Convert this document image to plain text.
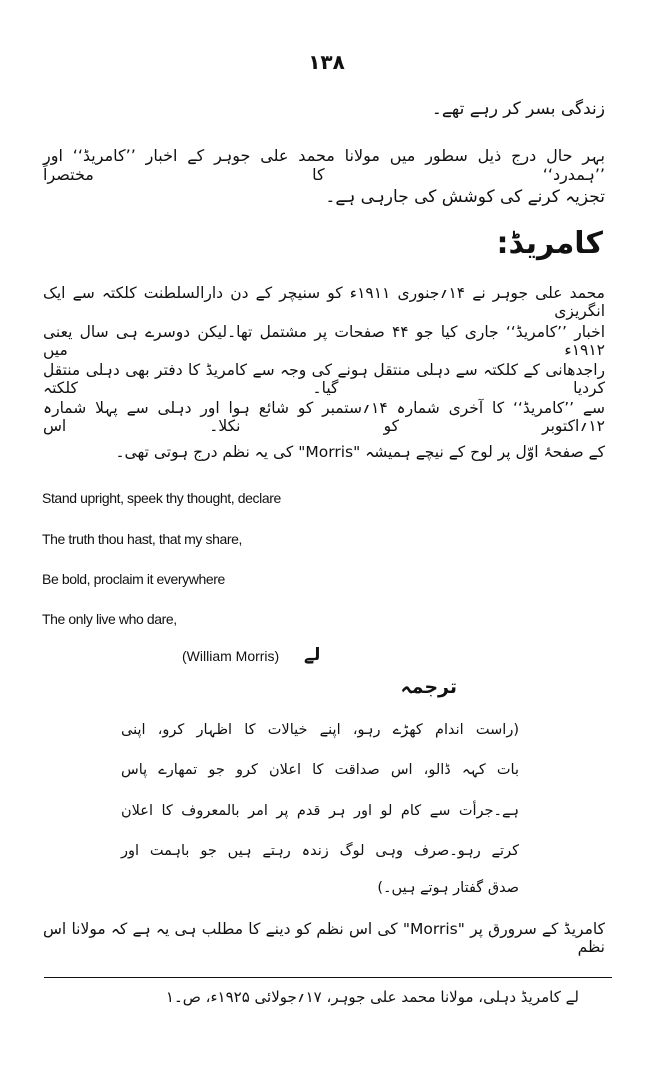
۱۳۸
زندگی بسر کر رہے تھے۔
بہر حال درج ذیل سطور میں مولانا محمد علی جوہر کے اخبار ’’کامریڈ‘‘ اور ’’ہمدرد‘‘ کا مختصراً
تجزیہ کرنے کی کوشش کی جارہی ہے۔
کامریڈ:
محمد علی جوہر نے ۱۴؍جنوری ۱۹۱۱ء کو سنیچر کے دن دارالسلطنت کلکتہ سے ایک انگریزی
اخبار ’’کامریڈ‘‘ جاری کیا جو ۴۴ صفحات پر مشتمل تھا۔لیکن دوسرے ہی سال یعنی ۱۹۱۲ء میں
راجدھانی کے کلکتہ سے دہلی منتقل ہونے کی وجہ سے کامریڈ کا دفتر بھی دہلی منتقل کردیا گیا۔ کلکتہ
سے ’’کامریڈ‘‘ کا آخری شمارہ ۱۴؍ستمبر کو شائع ہوا اور دہلی سے پہلا شمارہ ۱۲؍اکتوبر کو نکلا۔ اس
کے صفحۂ اوّل پر لوح کے نیچے ہمیشہ "Morris" کی یہ نظم درج ہوتی تھی۔
Stand upright, speek thy thought, declare
The truth thou hast, that my share,
Be bold, proclaim it everywhere
The only live who dare,
(William Morris) لے
ترجمہ
(راست اندام کھڑے رہو، اپنے خیالات کا اظہار کرو، اپنی
بات کہہ ڈالو، اس صداقت کا اعلان کرو جو تمھارے پاس
ہے۔جرأت سے کام لو اور ہر قدم پر امر بالمعروف کا اعلان
کرتے رہو۔صرف وہی لوگ زندہ رہتے ہیں جو باہمت اور
صدق گفتار ہوتے ہیں۔)
کامریڈ کے سرورق پر "Morris" کی اس نظم کو دینے کا مطلب ہی یہ ہے کہ مولانا اس نظم
لے کامریڈ دہلی، مولانا محمد علی جوہر، ۱۷؍جولائی ۱۹۲۵ء، ص۔۱
